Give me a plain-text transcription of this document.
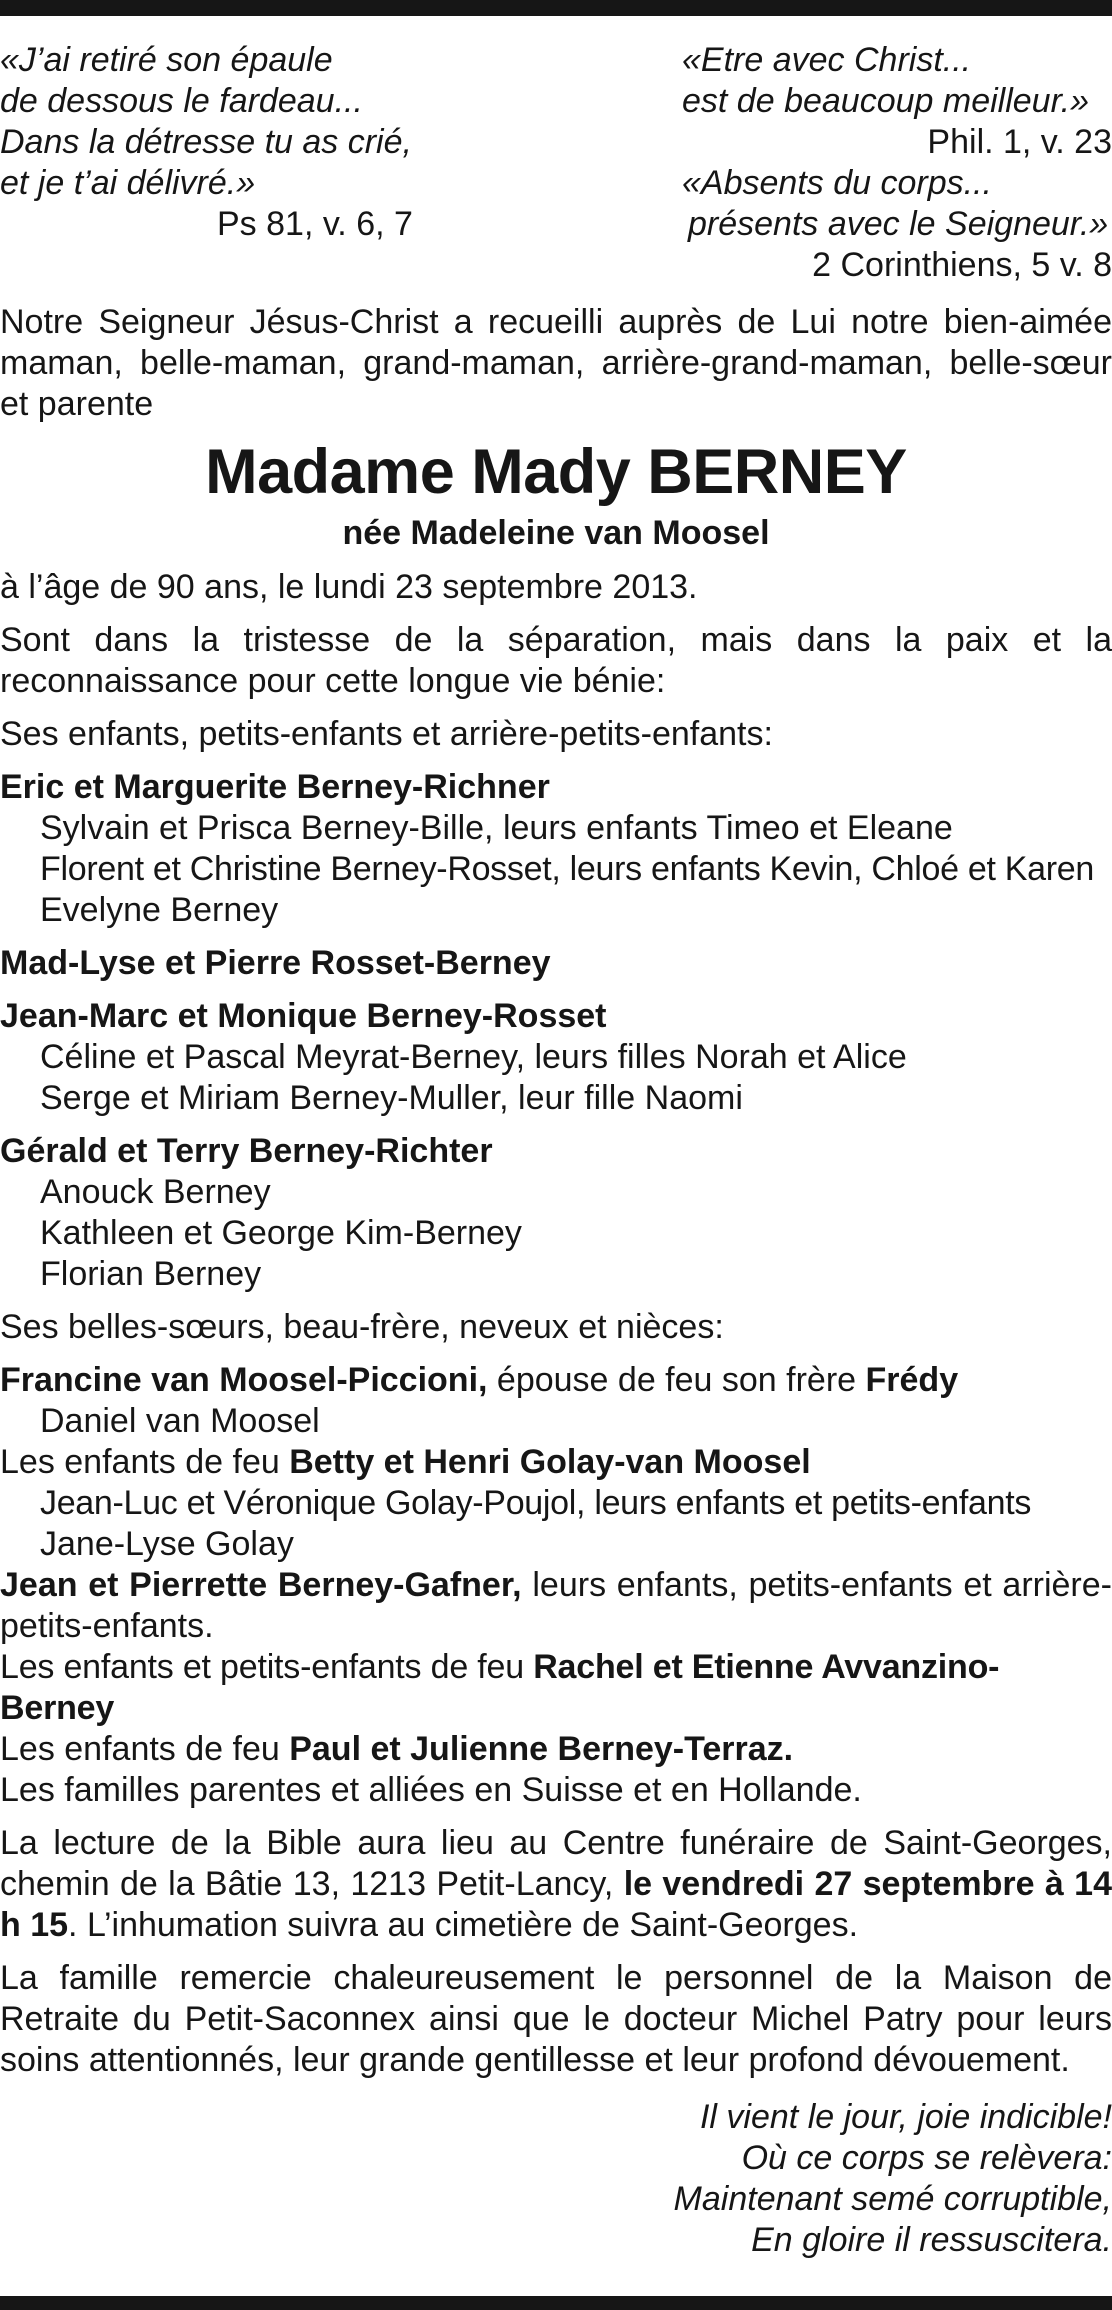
«J’ai retiré son épaule
de dessous le fardeau...
Dans la détresse tu as crié,
et je t’ai délivré.»
Ps 81, v. 6, 7
«Etre avec Christ...
est de beaucoup meilleur.»
Phil. 1, v. 23
«Absents du corps...
présents avec le Seigneur.»
2 Corinthiens, 5 v. 8
Notre Seigneur Jésus-Christ a recueilli auprès de Lui notre bien-aimée maman, belle-maman, grand-maman, arrière-grand-maman, belle-sœur et parente
Madame Mady BERNEY
née Madeleine van Moosel
à l’âge de 90 ans, le lundi 23 septembre 2013.
Sont dans la tristesse de la séparation, mais dans la paix et la reconnaissance pour cette longue vie bénie:
Ses enfants, petits-enfants et arrière-petits-enfants:
Eric et Marguerite Berney-Richner
Sylvain et Prisca Berney-Bille, leurs enfants Timeo et Eleane
Florent et Christine Berney-Rosset, leurs enfants Kevin, Chloé et Karen
Evelyne Berney
Mad-Lyse et Pierre Rosset-Berney
Jean-Marc et Monique Berney-Rosset
Céline et Pascal Meyrat-Berney, leurs filles Norah et Alice
Serge et Miriam Berney-Muller, leur fille Naomi
Gérald et Terry Berney-Richter
Anouck Berney
Kathleen et George Kim-Berney
Florian Berney
Ses belles-sœurs, beau-frère, neveux et nièces:
Francine van Moosel-Piccioni, épouse de feu son frère Frédy
Daniel van Moosel
Les enfants de feu Betty et Henri Golay-van Moosel
Jean-Luc et Véronique Golay-Poujol, leurs enfants et petits-enfants
Jane-Lyse Golay
Jean et Pierrette Berney-Gafner, leurs enfants, petits-enfants et arrière-petits-enfants.
Les enfants et petits-enfants de feu Rachel et Etienne Avvanzino-Berney
Les enfants de feu Paul et Julienne Berney-Terraz.
Les familles parentes et alliées en Suisse et en Hollande.
La lecture de la Bible aura lieu au Centre funéraire de Saint-Georges, chemin de la Bâtie 13, 1213 Petit-Lancy, le vendredi 27 septembre à 14 h 15. L’inhumation suivra au cimetière de Saint-Georges.
La famille remercie chaleureusement le personnel de la Maison de Retraite du Petit-Saconnex ainsi que le docteur Michel Patry pour leurs soins attentionnés, leur grande gentillesse et leur profond dévouement.
Il vient le jour, joie indicible!
Où ce corps se relèvera:
Maintenant semé corruptible,
En gloire il ressuscitera.
